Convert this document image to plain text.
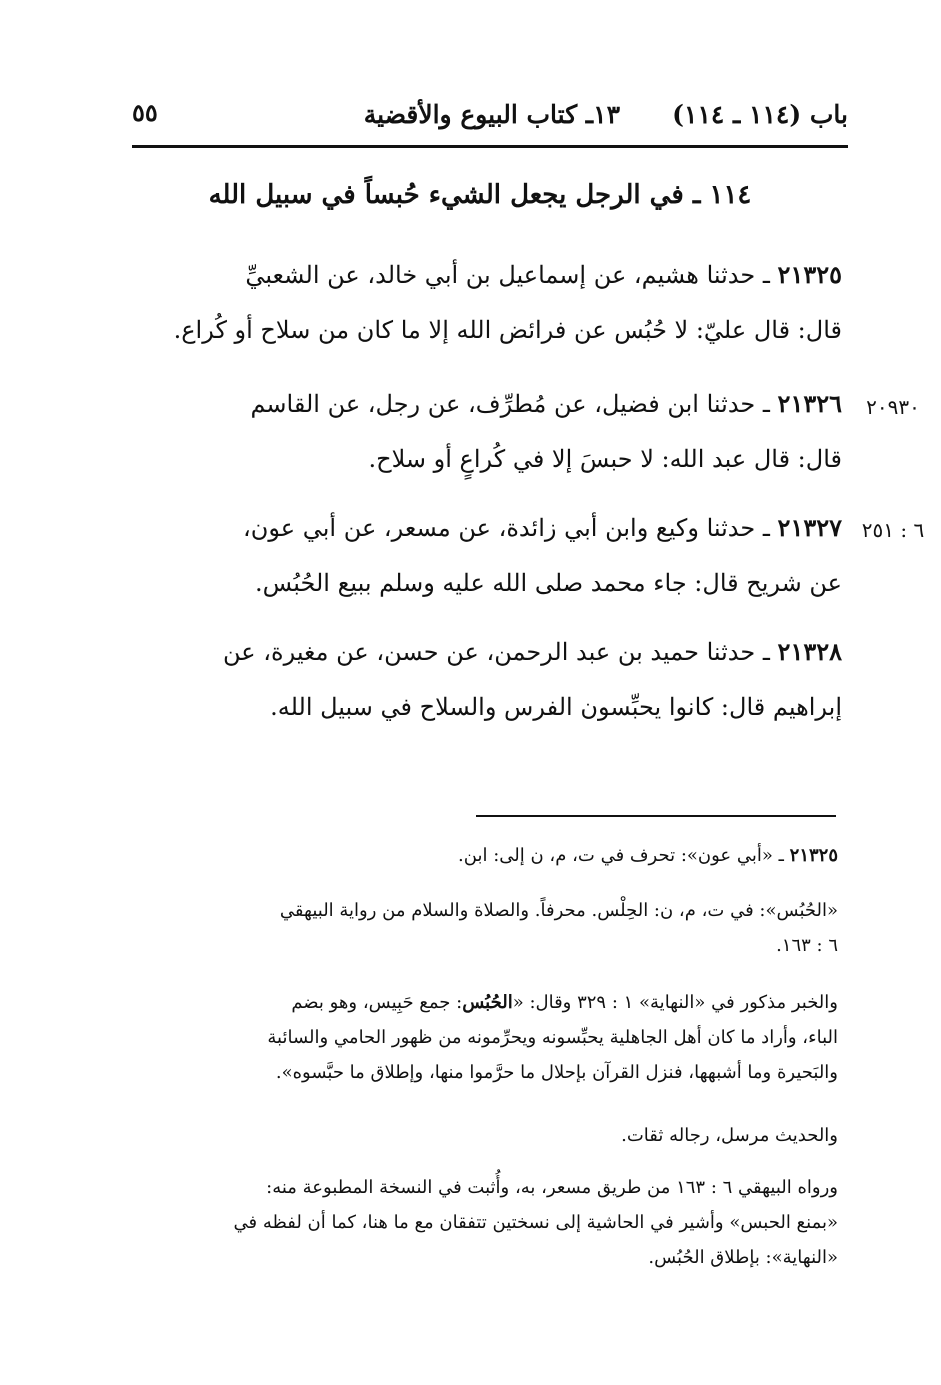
باب (١١٤ ـ ١١٤)
١٣ـ كتاب البيوع والأقضية
٥٥
١١٤ ـ في الرجل يجعل الشيء حُبساً في سبيل الله
٢١٣٢٥ ـ حدثنا هشيم، عن إسماعيل بن أبي خالد، عن الشعبيِّ
قال: قال عليّ: لا حُبُس عن فرائض الله إلا ما كان من سلاح أو كُراع.
٢٠٩٣٠
٢١٣٢٦ ـ حدثنا ابن فضيل، عن مُطرِّف، عن رجل، عن القاسم
قال: قال عبد الله: لا حبسَ إلا في كُراعٍ أو سلاح.
٦ : ٢٥١
٢١٣٢٧ ـ حدثنا وكيع وابن أبي زائدة، عن مسعر، عن أبي عون،
عن شريح قال: جاء محمد صلى الله عليه وسلم ببيع الحُبُس.
٢١٣٢٨ ـ حدثنا حميد بن عبد الرحمن، عن حسن، عن مغيرة، عن
إبراهيم قال: كانوا يحبِّسون الفرس والسلاح في سبيل الله.
٢١٣٢٥ ـ «أبي عون»: تحرف في ت، م، ن إلى: ابن.
«الحُبُس»: في ت، م، ن: الحِلْس. محرفاً. والصلاة والسلام من رواية البيهقي
٦ : ١٦٣.
والخبر مذكور في «النهاية» ١ : ٣٢٩ وقال: «الحُبُس: جمع حَبِيس، وهو بضم
الباء، وأراد ما كان أهل الجاهلية يحبِّسونه ويحرِّمونه من ظهور الحامي والسائبة
والبَحيرة وما أشبهها، فنزل القرآن بإحلال ما حرَّموا منها، وإطلاق ما حبَّسوه».
والحديث مرسل، رجاله ثقات.
ورواه البيهقي ٦ : ١٦٣ من طريق مسعر، به، وأُثبت في النسخة المطبوعة منه:
«بمنع الحبس» وأشير في الحاشية إلى نسختين تتفقان مع ما هنا، كما أن لفظه في
«النهاية»: بإطلاق الحُبُس.
